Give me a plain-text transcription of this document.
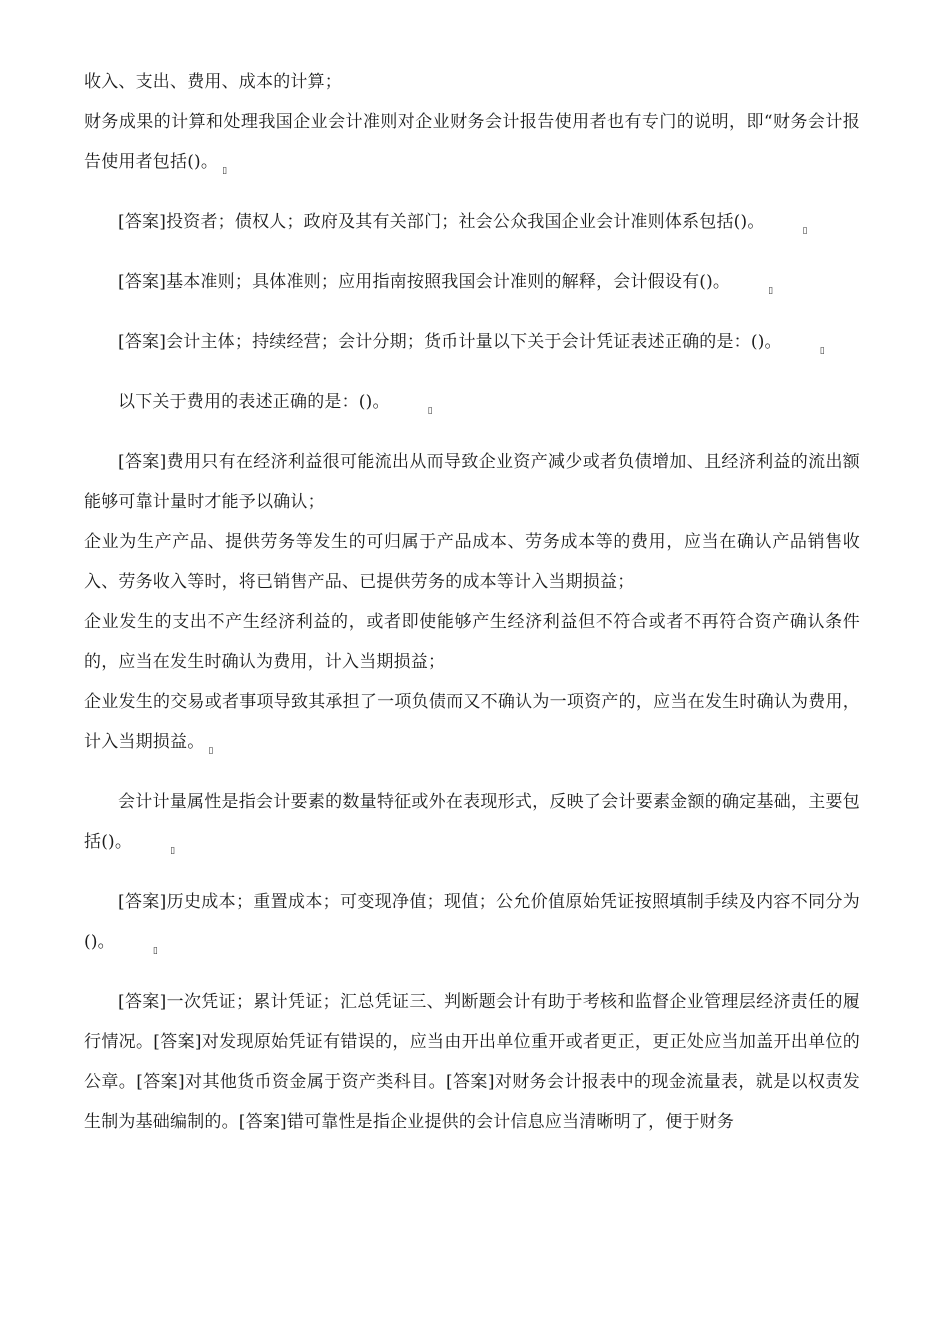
收入、支出、费用、成本的计算；

财务成果的计算和处理我国企业会计准则对企业财务会计报告使用者也有专门的说明，即“财务会计报告使用者包括()。 ▯

[答案]投资者；债权人；政府及其有关部门；社会公众我国企业会计准则体系包括()。	▯

[答案]基本准则；具体准则；应用指南按照我国会计准则的解释，会计假设有()。	▯

[答案]会计主体；持续经营；会计分期；货币计量以下关于会计凭证表述正确的是：()。	▯

以下关于费用的表述正确的是：()。	▯

[答案]费用只有在经济利益很可能流出从而导致企业资产减少或者负债增加、且经济利益的流出额能够可靠计量时才能予以确认；

企业为生产产品、提供劳务等发生的可归属于产品成本、劳务成本等的费用，应当在确认产品销售收入、劳务收入等时，将已销售产品、已提供劳务的成本等计入当期损益；

企业发生的支出不产生经济利益的，或者即使能够产生经济利益但不符合或者不再符合资产确认条件的，应当在发生时确认为费用，计入当期损益；

企业发生的交易或者事项导致其承担了一项负债而又不确认为一项资产的，应当在发生时确认为费用，计入当期损益。 ▯

会计计量属性是指会计要素的数量特征或外在表现形式，反映了会计要素金额的确定基础，主要包括()。	▯

[答案]历史成本；重置成本；可变现净值；现值；公允价值原始凭证按照填制手续及内容不同分为()。	▯

[答案]一次凭证；累计凭证；汇总凭证三、判断题会计有助于考核和监督企业管理层经济责任的履行情况。[答案]对发现原始凭证有错误的，应当由开出单位重开或者更正，更正处应当加盖开出单位的公章。[答案]对其他货币资金属于资产类科目。[答案]对财务会计报表中的现金流量表，就是以权责发生制为基础编制的。[答案]错可靠性是指企业提供的会计信息应当清晰明了，便于财务
